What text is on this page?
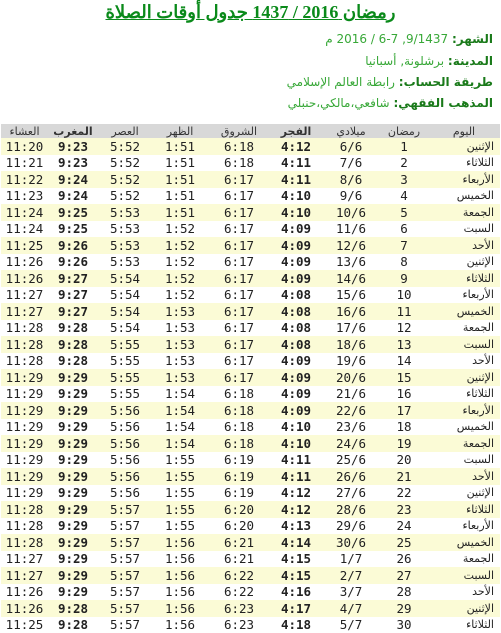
رمضان 2016 / 1437 جدول أوقات الصلاة
الشهر: 9/1437, 7-6 / 2016 م
المدينة: برشلونة, أسبانيا
طريقة الحساب: رابطة العالم الإسلامي
المذهب الفقهي: شافعي،مالكي،حنبلي
اليوم	رمضان	ميلادي	الفجر	الشروق	الظهر	العصر	المغرب	العشاء
الإثنين	1	6/6	4:12	6:18	1:51	5:52	9:23	11:20
الثلاثاء	2	7/6	4:11	6:18	1:51	5:52	9:23	11:21
الأربعاء	3	8/6	4:11	6:17	1:51	5:52	9:24	11:22
الخميس	4	9/6	4:10	6:17	1:51	5:52	9:24	11:23
الجمعة	5	10/6	4:10	6:17	1:51	5:53	9:25	11:24
السبت	6	11/6	4:09	6:17	1:52	5:53	9:25	11:24
الأحد	7	12/6	4:09	6:17	1:52	5:53	9:26	11:25
الإثنين	8	13/6	4:09	6:17	1:52	5:53	9:26	11:26
الثلاثاء	9	14/6	4:09	6:17	1:52	5:54	9:27	11:26
الأربعاء	10	15/6	4:08	6:17	1:52	5:54	9:27	11:27
الخميس	11	16/6	4:08	6:17	1:53	5:54	9:27	11:27
الجمعة	12	17/6	4:08	6:17	1:53	5:54	9:28	11:28
السبت	13	18/6	4:08	6:17	1:53	5:55	9:28	11:28
الأحد	14	19/6	4:09	6:17	1:53	5:55	9:28	11:28
الإثنين	15	20/6	4:09	6:17	1:53	5:55	9:29	11:29
الثلاثاء	16	21/6	4:09	6:18	1:54	5:55	9:29	11:29
الأربعاء	17	22/6	4:09	6:18	1:54	5:56	9:29	11:29
الخميس	18	23/6	4:10	6:18	1:54	5:56	9:29	11:29
الجمعة	19	24/6	4:10	6:18	1:54	5:56	9:29	11:29
السبت	20	25/6	4:11	6:19	1:55	5:56	9:29	11:29
الأحد	21	26/6	4:11	6:19	1:55	5:56	9:29	11:29
الإثنين	22	27/6	4:12	6:19	1:55	5:56	9:29	11:29
الثلاثاء	23	28/6	4:12	6:20	1:55	5:57	9:29	11:28
الأربعاء	24	29/6	4:13	6:20	1:55	5:57	9:29	11:28
الخميس	25	30/6	4:14	6:21	1:56	5:57	9:29	11:28
الجمعة	26	1/7	4:15	6:21	1:56	5:57	9:29	11:27
السبت	27	2/7	4:15	6:22	1:56	5:57	9:29	11:27
الأحد	28	3/7	4:16	6:22	1:56	5:57	9:29	11:26
الإثنين	29	4/7	4:17	6:23	1:56	5:57	9:28	11:26
الثلاثاء	30	5/7	4:18	6:23	1:56	5:57	9:28	11:25
